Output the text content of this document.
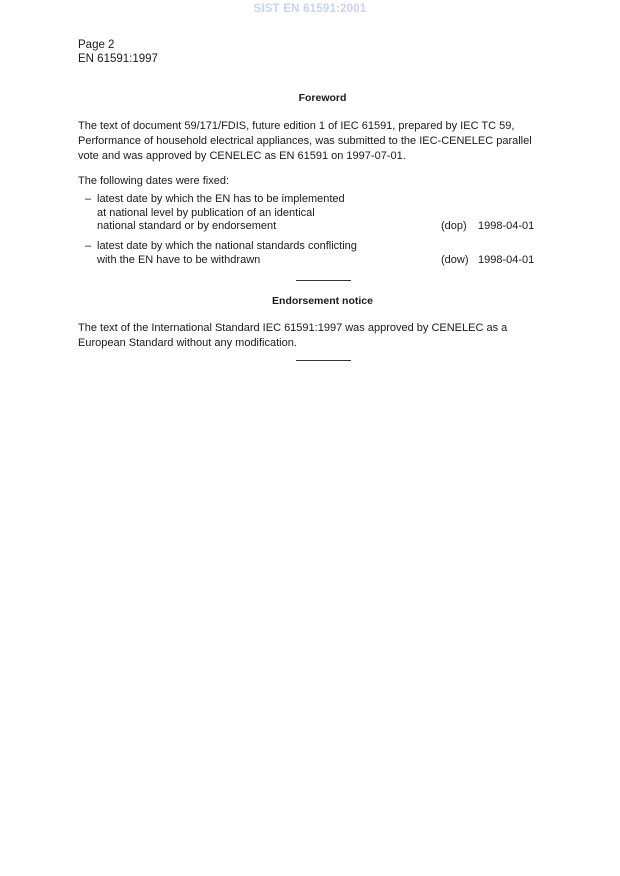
SIST EN 61591:2001
Page 2
EN 61591:1997
Foreword
The text of document 59/171/FDIS, future edition 1 of IEC 61591, prepared by IEC TC 59,
Performance of household electrical appliances, was submitted to the IEC-CENELEC parallel
vote and was approved by CENELEC as EN 61591 on 1997-07-01.
The following dates were fixed:
– latest date by which the EN has to be implemented
at national level by publication of an identical
national standard or by endorsement	(dop) 1998-04-01
– latest date by which the national standards conflicting
with the EN have to be withdrawn	(dow) 1998-04-01
Endorsement notice
The text of the International Standard IEC 61591:1997 was approved by CENELEC as a
European Standard without any modification.
